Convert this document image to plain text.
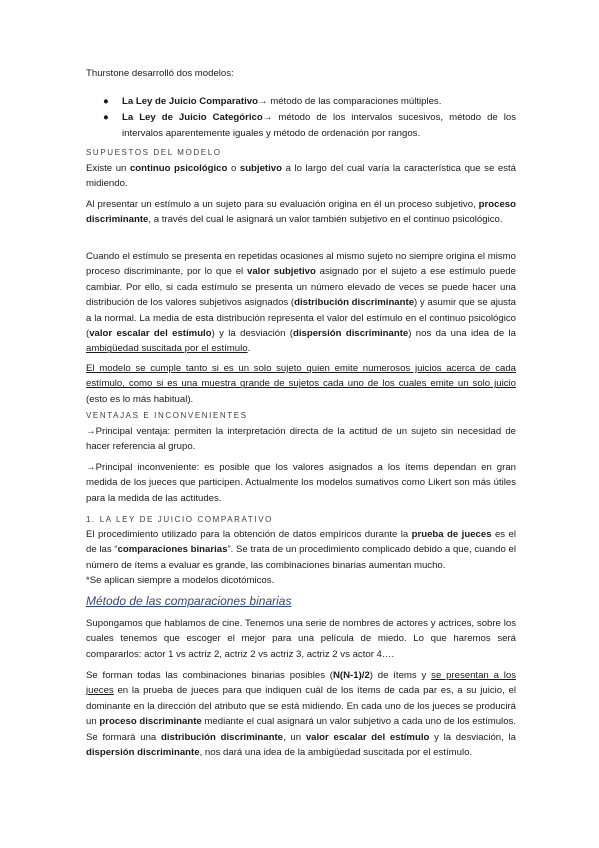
Thurstone desarrolló dos modelos:

● La Ley de Juicio Comparativo→ método de las comparaciones múltiples.
● La Ley de Juicio Categórico→ método de los intervalos sucesivos, método de los intervalos aparentemente iguales y método de ordenación por rangos.

SUPUESTOS DEL MODELO

Existe un continuo psicológico o subjetivo a lo largo del cual varía la característica que se está midiendo.

Al presentar un estímulo a un sujeto para su evaluación origina en él un proceso subjetivo, proceso discriminante, a través del cual le asignará un valor también subjetivo en el continuo psicológico.

Cuando el estímulo se presenta en repetidas ocasiones al mismo sujeto no siempre origina el mismo proceso discriminante, por lo que el valor subjetivo asignado por el sujeto a ese estímulo puede cambiar. Por ello, si cada estímulo se presenta un número elevado de veces se puede hacer una distribución de los valores subjetivos asignados (distribución discriminante) y asumir que se ajusta a la normal. La media de esta distribución representa el valor del estímulo en el continuo psicológico (valor escalar del estímulo) y la desviación (dispersión discriminante) nos da una idea de la ambigüedad suscitada por el estímulo.

El modelo se cumple tanto si es un solo sujeto quien emite numerosos juicios acerca de cada estímulo, como si es una muestra grande de sujetos cada uno de los cuales emite un solo juicio (esto es lo más habitual).

VENTAJAS E INCONVENIENTES

→Principal ventaja: permiten la interpretación directa de la actitud de un sujeto sin necesidad de hacer referencia al grupo.

→Principal inconveniente: es posible que los valores asignados a los ítems dependan en gran medida de los jueces que participen. Actualmente los modelos sumativos como Likert son más útiles para la medida de las actitudes.

1. LA LEY DE JUICIO COMPARATIVO

El procedimiento utilizado para la obtención de datos empíricos durante la prueba de jueces es el de las “comparaciones binarias”. Se trata de un procedimiento complicado debido a que, cuando el número de ítems a evaluar es grande, las combinaciones binarias aumentan mucho.
*Se aplican siempre a modelos dicotómicos.

Método de las comparaciones binarias

Supongamos que hablamos de cine. Tenemos una serie de nombres de actores y actrices, sobre los cuales tenemos que escoger el mejor para una película de miedo. Lo que haremos será compararlos: actor 1 vs actriz 2, actriz 2 vs actriz 3, actriz 2 vs actor 4….

Se forman todas las combinaciones binarias posibles (N(N-1)/2) de ítems y se presentan a los jueces en la prueba de jueces para que indiquen cuál de los ítems de cada par es, a su juicio, el dominante en la dirección del atributo que se está midiendo. En cada uno de los jueces se producirá un proceso discriminante mediante el cual asignará un valor subjetivo a cada uno de los estímulos. Se formará una distribución discriminante, un valor escalar del estímulo y la desviación, la dispersión discriminante, nos dará una idea de la ambigüedad suscitada por el estímulo.
